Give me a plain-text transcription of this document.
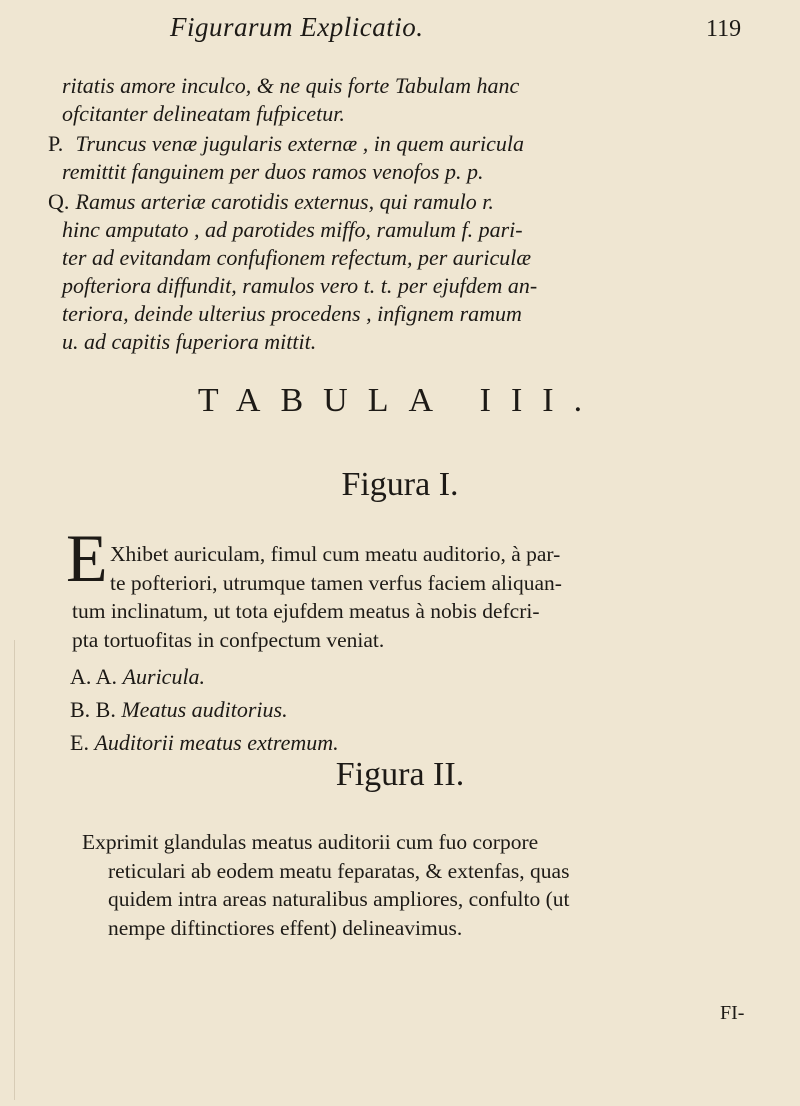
Figurarum Explicatio.	119
ritatis amore inculco, & ne quis forte Tabulam hanc
ofcitanter delineatam fufpicetur.
P. Truncus venæ jugularis externæ , in quem auricula
remittit fanguinem per duos ramos venofos p. p.
Q. Ramus arteriæ carotidis externus, qui ramulo r.
hinc amputato , ad parotides miffo, ramulum f. pari-
ter ad evitandam confufionem refectum, per auriculæ
pofteriora diffundit, ramulos vero t. t. per ejufdem an-
teriora, deinde ulterius procedens , infignem ramum
u. ad capitis fuperiora mittit.
TABULA III.
Figura I.
E Xhibet auriculam, fimul cum meatu auditorio, à par-
te pofteriori, utrumque tamen verfus faciem aliquan-
tum inclinatum, ut tota ejufdem meatus à nobis defcri-
pta tortuofitas in confpectum veniat.
A. A. Auricula.
B. B. Meatus auditorius.
E. Auditorii meatus extremum.
Figura II.
Exprimit glandulas meatus auditorii cum fuo corpore
reticulari ab eodem meatu feparatas, & extenfas, quas
quidem intra areas naturalibus ampliores, confulto (ut
nempe diftinctiores effent) delineavimus.
FI-
